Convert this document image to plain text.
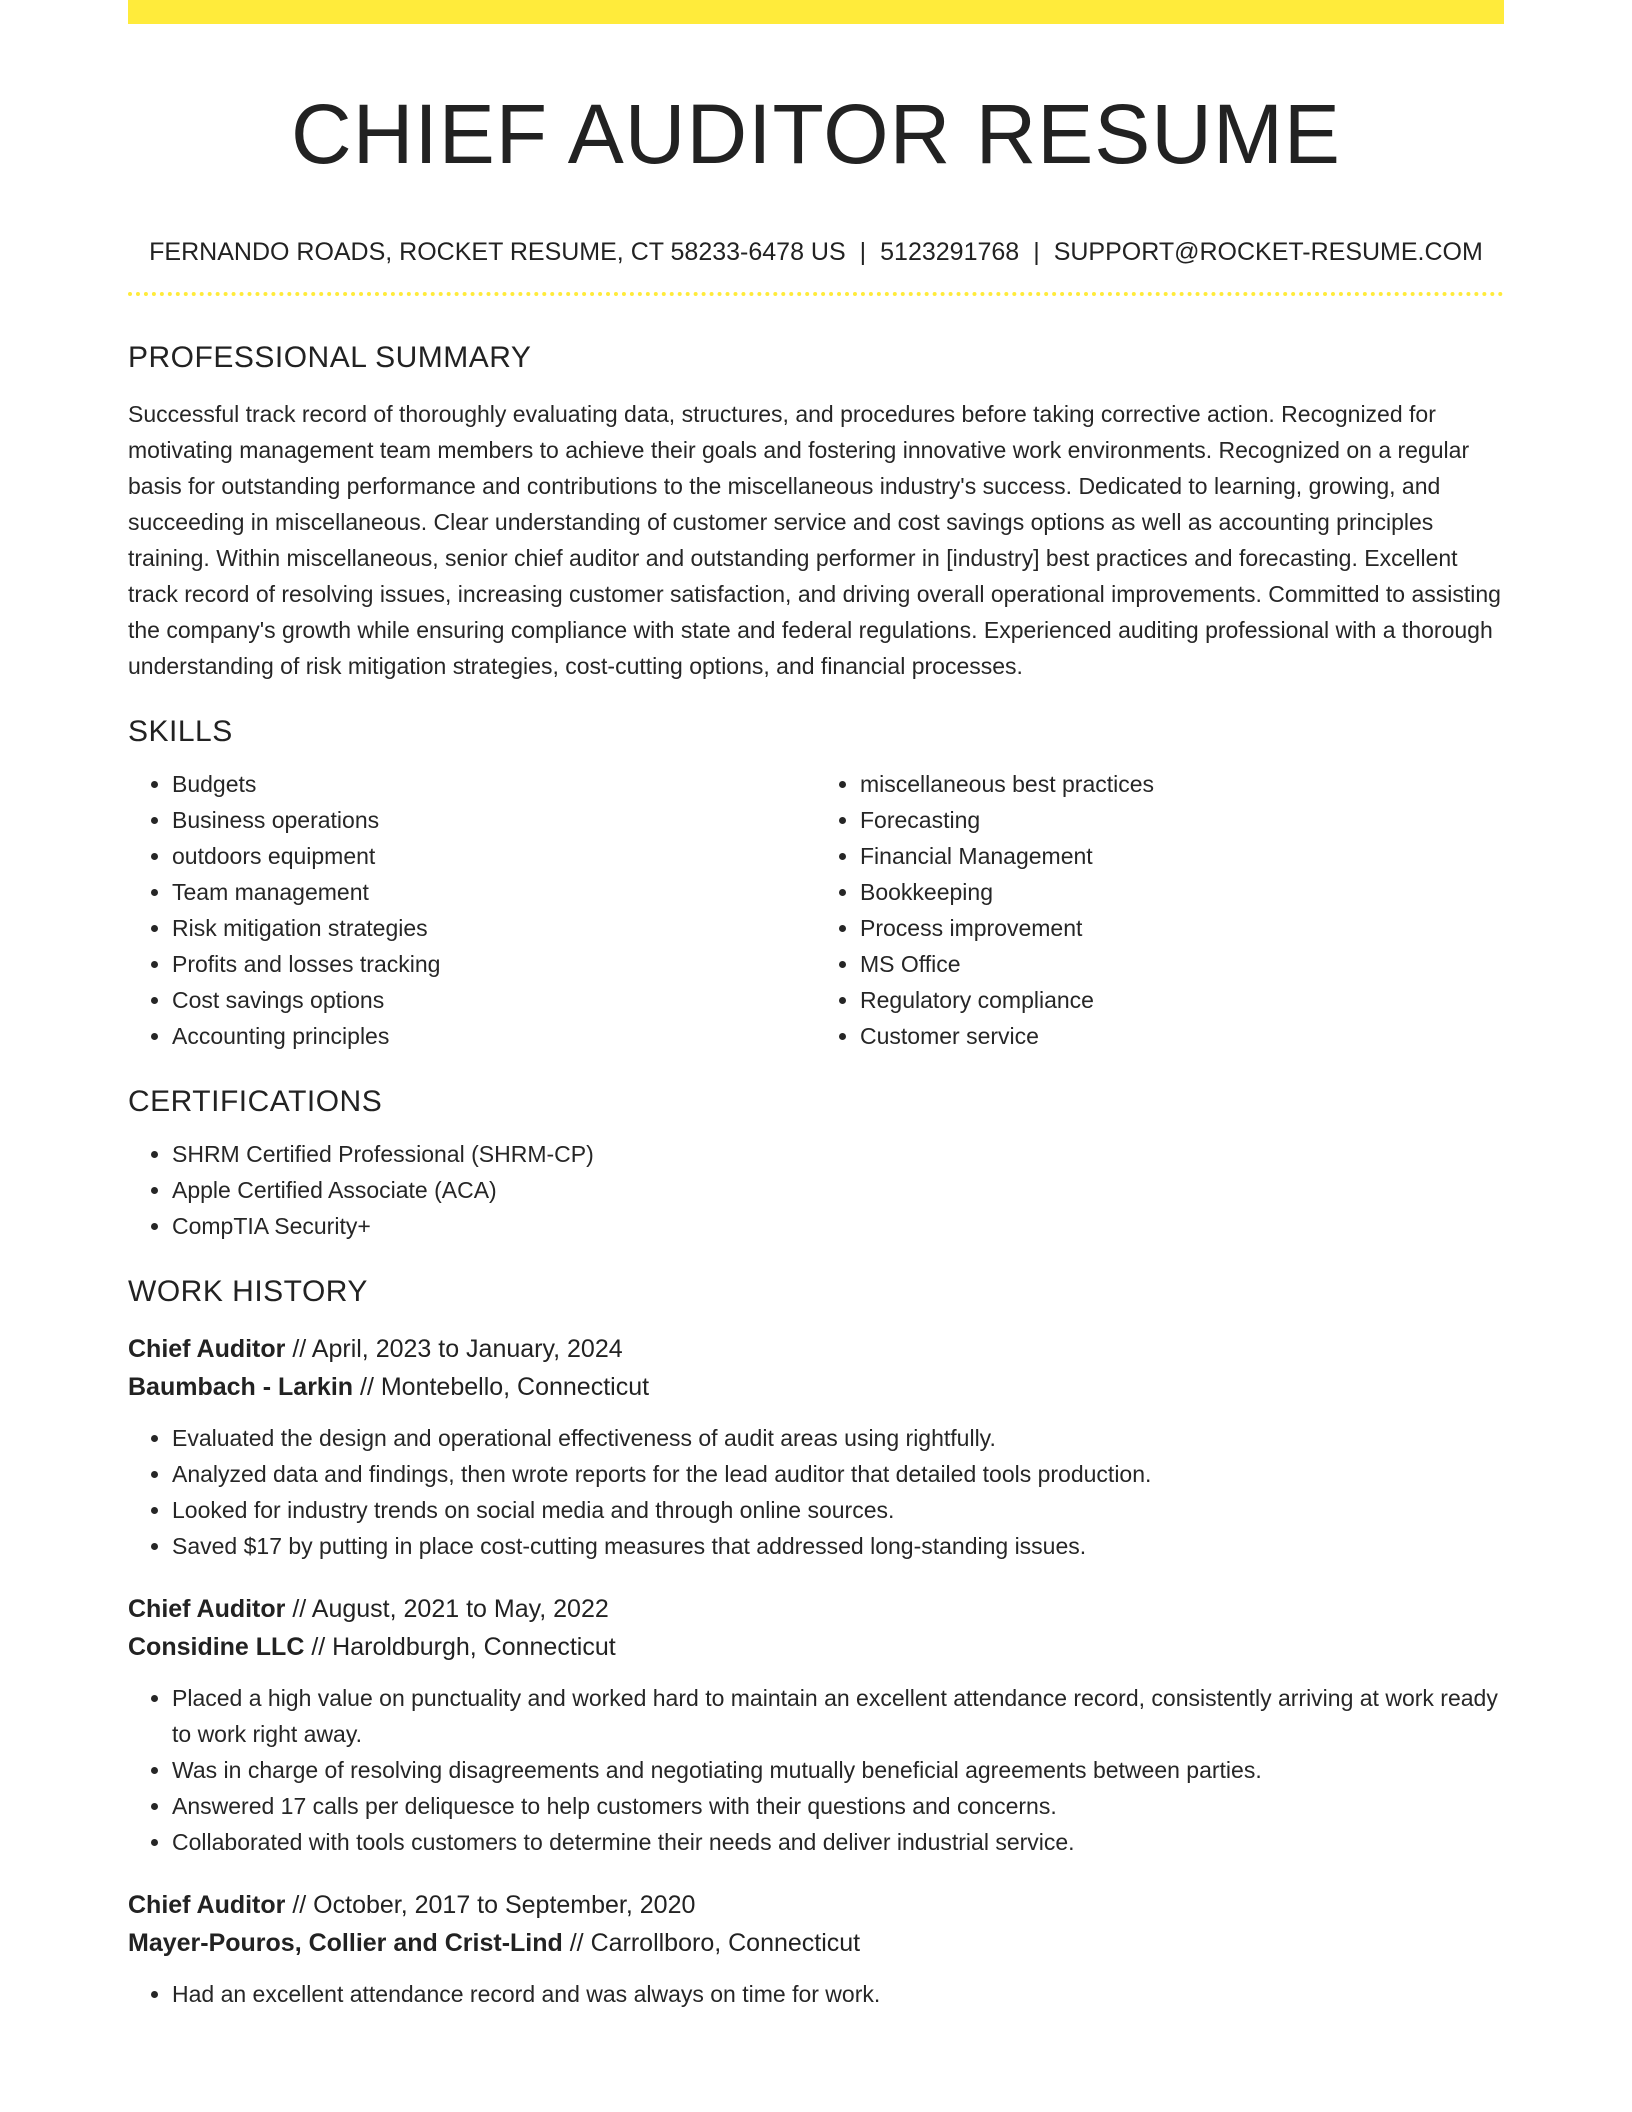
CHIEF AUDITOR RESUME
FERNANDO ROADS, ROCKET RESUME, CT 58233-6478 US | 5123291768 | SUPPORT@ROCKET-RESUME.COM
PROFESSIONAL SUMMARY

Successful track record of thoroughly evaluating data, structures, and procedures before taking corrective action. Recognized for motivating management team members to achieve their goals and fostering innovative work environments. Recognized on a regular basis for outstanding performance and contributions to the miscellaneous industry's success. Dedicated to learning, growing, and succeeding in miscellaneous. Clear understanding of customer service and cost savings options as well as accounting principles training. Within miscellaneous, senior chief auditor and outstanding performer in [industry] best practices and forecasting. Excellent track record of resolving issues, increasing customer satisfaction, and driving overall operational improvements. Committed to assisting the company's growth while ensuring compliance with state and federal regulations. Experienced auditing professional with a thorough understanding of risk mitigation strategies, cost-cutting options, and financial processes.

SKILLS
• Budgets
• Business operations
• outdoors equipment
• Team management
• Risk mitigation strategies
• Profits and losses tracking
• Cost savings options
• Accounting principles
• miscellaneous best practices
• Forecasting
• Financial Management
• Bookkeeping
• Process improvement
• MS Office
• Regulatory compliance
• Customer service
CERTIFICATIONS
• SHRM Certified Professional (SHRM-CP)
• Apple Certified Associate (ACA)
• CompTIA Security+
WORK HISTORY
Chief Auditor // April, 2023 to January, 2024
Baumbach - Larkin // Montebello, Connecticut
• Evaluated the design and operational effectiveness of audit areas using rightfully.
• Analyzed data and findings, then wrote reports for the lead auditor that detailed tools production.
• Looked for industry trends on social media and through online sources.
• Saved $17 by putting in place cost-cutting measures that addressed long-standing issues.
Chief Auditor // August, 2021 to May, 2022
Considine LLC // Haroldburgh, Connecticut
• Placed a high value on punctuality and worked hard to maintain an excellent attendance record, consistently arriving at work ready to work right away.
• Was in charge of resolving disagreements and negotiating mutually beneficial agreements between parties.
• Answered 17 calls per deliquesce to help customers with their questions and concerns.
• Collaborated with tools customers to determine their needs and deliver industrial service.
Chief Auditor // October, 2017 to September, 2020
Mayer-Pouros, Collier and Crist-Lind // Carrollboro, Connecticut
• Had an excellent attendance record and was always on time for work.
